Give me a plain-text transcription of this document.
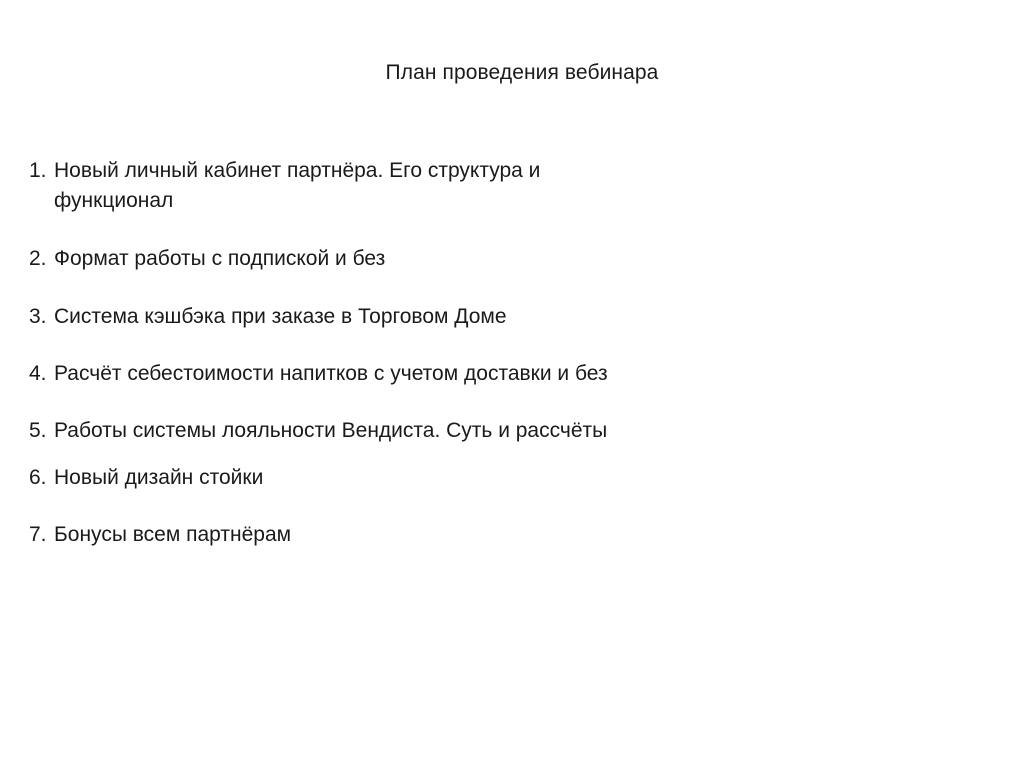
План проведения вебинара
1. Новый личный кабинет партнёра. Его структура и функционал
2. Формат работы с подпиской и без
3. Система кэшбэка при заказе в Торговом Доме
4. Расчёт себестоимости напитков с учетом доставки и без
5. Работы системы лояльности Вендиста. Суть и рассчёты
6. Новый дизайн стойки
7. Бонусы всем партнёрам
